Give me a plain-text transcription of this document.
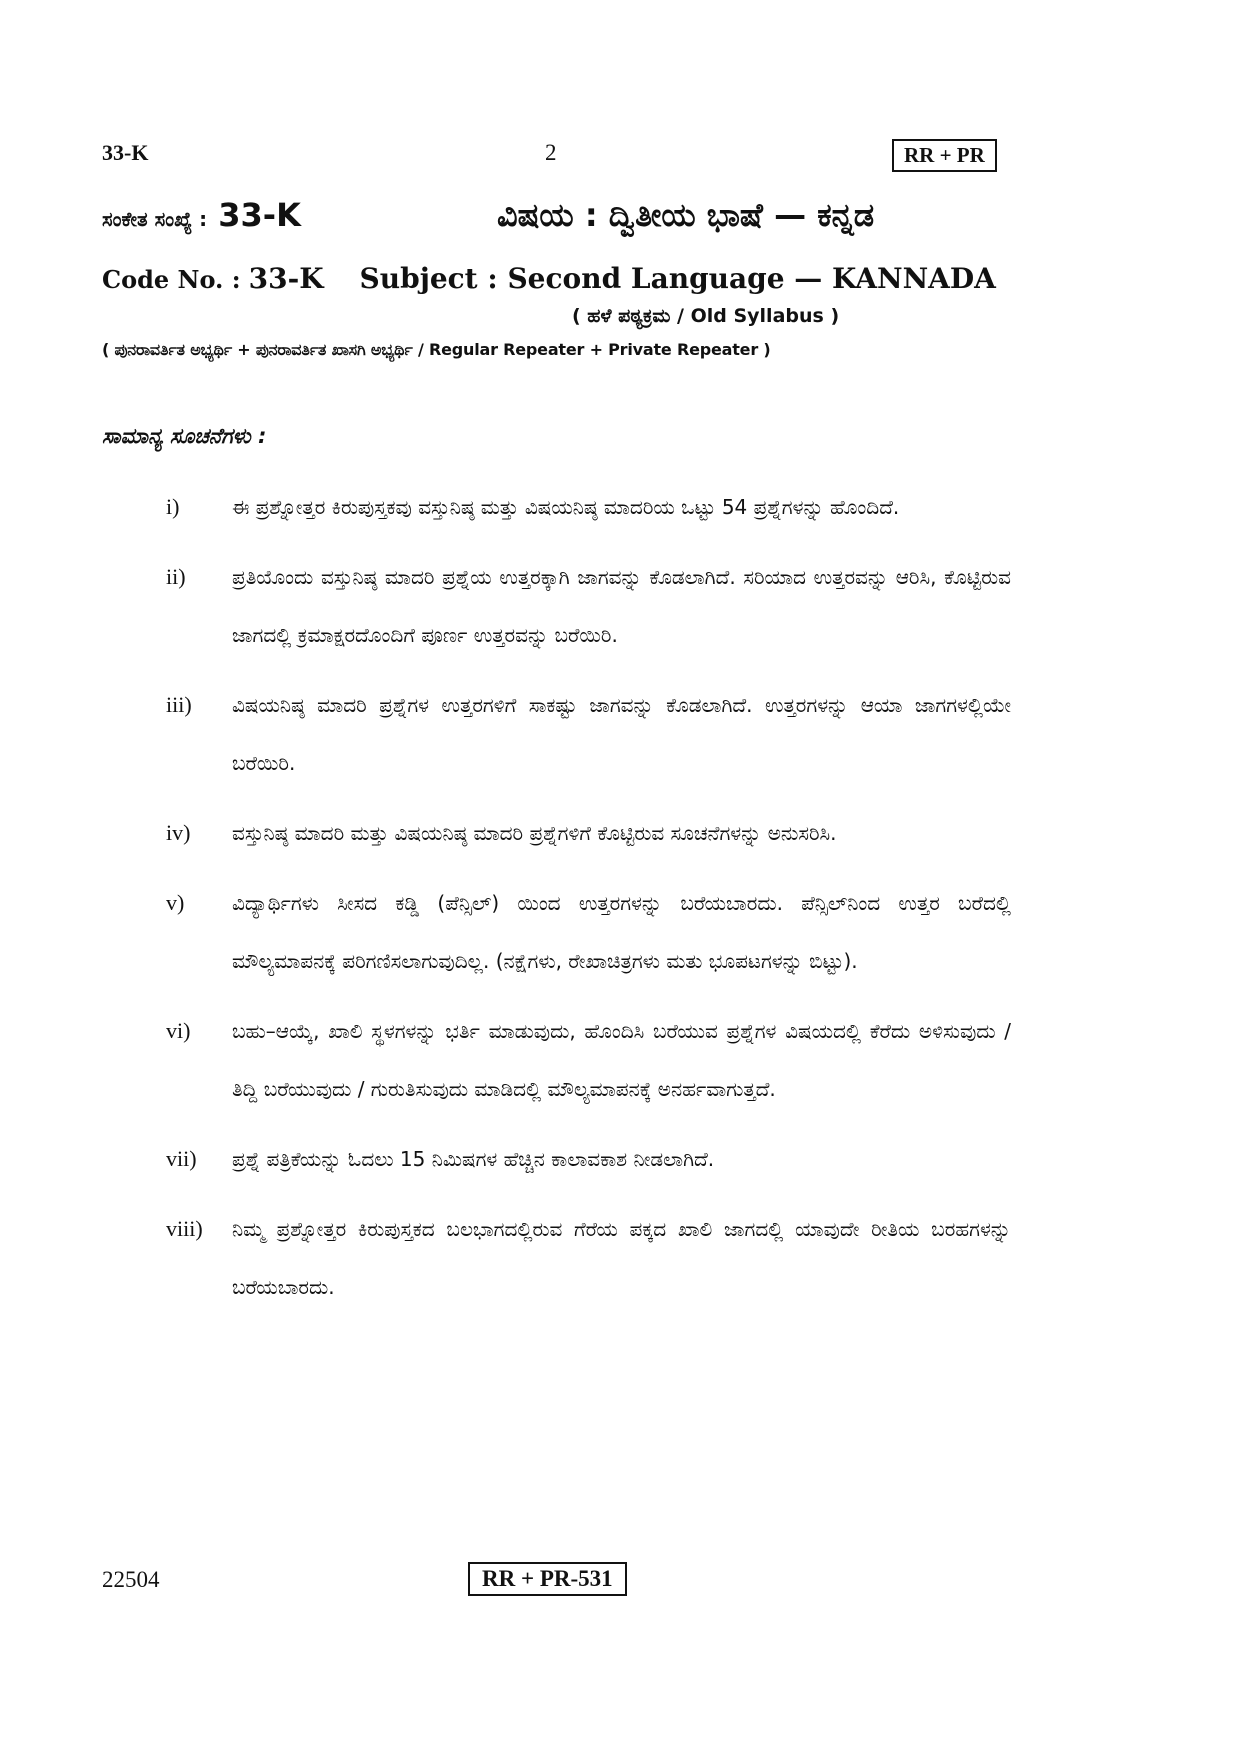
33-K	2	RR + PR
ಸಂಕೇತ ಸಂಖ್ಯೆ : 33-K	ವಿಷಯ : ದ್ವಿತೀಯ ಭಾಷೆ — ಕನ್ನಡ
Code No. : 33-K Subject : Second Language — KANNADA
( ಹಳೆ ಪಠ್ಯಕ್ರಮ / Old Syllabus )
( ಪುನರಾವರ್ತಿತ ಅಭ್ಯರ್ಥಿ + ಪುನರಾವರ್ತಿತ ಖಾಸಗಿ ಅಭ್ಯರ್ಥಿ / Regular Repeater + Private Repeater )
ಸಾಮಾನ್ಯ ಸೂಚನೆಗಳು :
i)	ಈ ಪ್ರಶ್ನೋತ್ತರ ಕಿರುಪುಸ್ತಕವು ವಸ್ತುನಿಷ್ಠ ಮತ್ತು ವಿಷಯನಿಷ್ಠ ಮಾದರಿಯ ಒಟ್ಟು 54 ಪ್ರಶ್ನೆಗಳನ್ನು ಹೊಂದಿದೆ.
ii)	ಪ್ರತಿಯೊಂದು ವಸ್ತುನಿಷ್ಠ ಮಾದರಿ ಪ್ರಶ್ನೆಯ ಉತ್ತರಕ್ಕಾಗಿ ಜಾಗವನ್ನು ಕೊಡಲಾಗಿದೆ. ಸರಿಯಾದ ಉತ್ತರವನ್ನು ಆರಿಸಿ, ಕೊಟ್ಟಿರುವ ಜಾಗದಲ್ಲಿ ಕ್ರಮಾಕ್ಷರದೊಂದಿಗೆ ಪೂರ್ಣ ಉತ್ತರವನ್ನು ಬರೆಯಿರಿ.
iii)	ವಿಷಯನಿಷ್ಠ ಮಾದರಿ ಪ್ರಶ್ನೆಗಳ ಉತ್ತರಗಳಿಗೆ ಸಾಕಷ್ಟು ಜಾಗವನ್ನು ಕೊಡಲಾಗಿದೆ. ಉತ್ತರಗಳನ್ನು ಆಯಾ ಜಾಗಗಳಲ್ಲಿಯೇ ಬರೆಯಿರಿ.
iv)	ವಸ್ತುನಿಷ್ಠ ಮಾದರಿ ಮತ್ತು ವಿಷಯನಿಷ್ಠ ಮಾದರಿ ಪ್ರಶ್ನೆಗಳಿಗೆ ಕೊಟ್ಟಿರುವ ಸೂಚನೆಗಳನ್ನು ಅನುಸರಿಸಿ.
v)	ವಿದ್ಯಾರ್ಥಿಗಳು ಸೀಸದ ಕಡ್ಡಿ (ಪೆನ್ಸಿಲ್) ಯಿಂದ ಉತ್ತರಗಳನ್ನು ಬರೆಯಬಾರದು. ಪೆನ್ಸಿಲ್‌ನಿಂದ ಉತ್ತರ ಬರೆದಲ್ಲಿ ಮೌಲ್ಯಮಾಪನಕ್ಕೆ ಪರಿಗಣಿಸಲಾಗುವುದಿಲ್ಲ. (ನಕ್ಷೆಗಳು, ರೇಖಾಚಿತ್ರಗಳು ಮತು ಭೂಪಟಗಳನ್ನು ಬಿಟ್ಟು).
vi)	ಬಹು–ಆಯ್ಕೆ, ಖಾಲಿ ಸ್ಥಳಗಳನ್ನು ಭರ್ತಿ ಮಾಡುವುದು, ಹೊಂದಿಸಿ ಬರೆಯುವ ಪ್ರಶ್ನೆಗಳ ವಿಷಯದಲ್ಲಿ ಕೆರೆದು ಅಳಿಸುವುದು / ತಿದ್ದಿ ಬರೆಯುವುದು / ಗುರುತಿಸುವುದು ಮಾಡಿದಲ್ಲಿ ಮೌಲ್ಯಮಾಪನಕ್ಕೆ ಅನರ್ಹವಾಗುತ್ತದೆ.
vii)	ಪ್ರಶ್ನೆ ಪತ್ರಿಕೆಯನ್ನು ಓದಲು 15 ನಿಮಿಷಗಳ ಹೆಚ್ಚಿನ ಕಾಲಾವಕಾಶ ನೀಡಲಾಗಿದೆ.
viii)	ನಿಮ್ಮ ಪ್ರಶ್ನೋತ್ತರ ಕಿರುಪುಸ್ತಕದ ಬಲಭಾಗದಲ್ಲಿರುವ ಗೆರೆಯ ಪಕ್ಕದ ಖಾಲಿ ಜಾಗದಲ್ಲಿ ಯಾವುದೇ ರೀತಿಯ ಬರಹಗಳನ್ನು ಬರೆಯಬಾರದು.
22504	RR + PR-531
